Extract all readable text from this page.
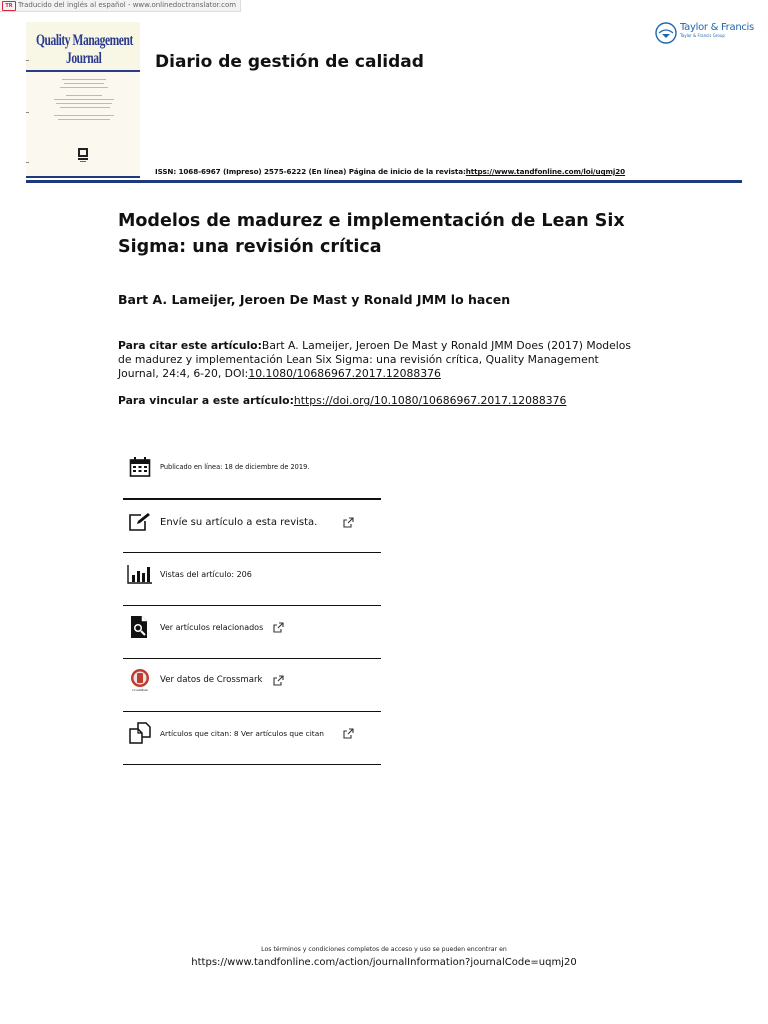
TR Traducido del inglés al español - www.onlinedoctranslator.com
Quality Management
Journal	Diario de gestión de calidad
Taylor & Francis
Taylor & Francis Group
ISSN: 1068-6967 (Impreso) 2575-6222 (En línea) Página de inicio de la revista:https://www.tandfonline.com/loi/uqmj20
Modelos de madurez e implementación de Lean Six Sigma: una revisión crítica
Bart A. Lameijer, Jeroen De Mast y Ronald JMM lo hacen
Para citar este artículo:Bart A. Lameijer, Jeroen De Mast y Ronald JMM Does (2017) Modelos de madurez y implementación Lean Six Sigma: una revisión crítica, Quality Management Journal, 24:4, 6-20, DOI:10.1080/10686967.2017.12088376
Para vincular a este artículo:https://doi.org/10.1080/10686967.2017.12088376
Publicado en línea: 18 de diciembre de 2019.
Envíe su artículo a esta revista.
Vistas del artículo: 206
Ver artículos relacionados
CrossMark
Ver datos de Crossmark
Artículos que citan: 8 Ver artículos que citan
Los términos y condiciones completos de acceso y uso se pueden encontrar en
https://www.tandfonline.com/action/journalInformation?journalCode=uqmj20
